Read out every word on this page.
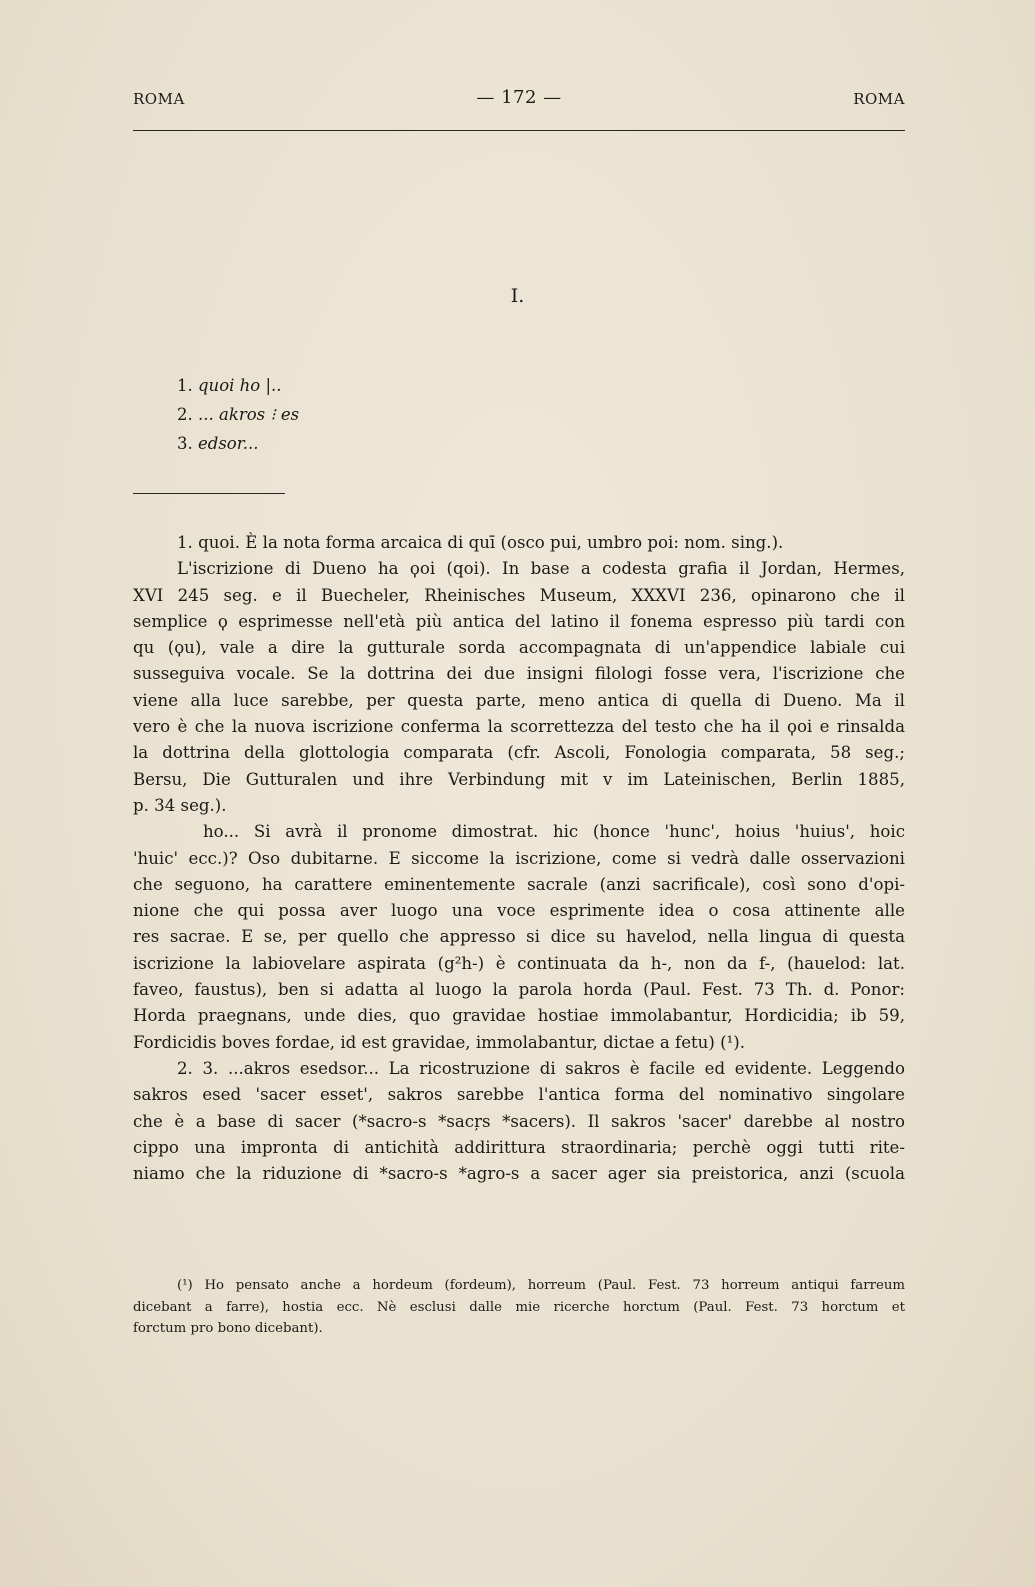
ROMA	— 172 —	ROMA
I.
1. quoi ho |..
2. ... akros ⁝ es
3. edsor...
1. quoi. È la nota forma arcaica di quī (osco pui, umbro poi: nom. sing.).
L'iscrizione di Dueno ha ϙoi (qoi). In base a codesta grafia il Jordan, Hermes,
XVI 245 seg. e il Buecheler, Rheinisches Museum, XXXVI 236, opinarono che il
semplice ϙ esprimesse nell'età più antica del latino il fonema espresso più tardi con
qu (ϙu), vale a dire la gutturale sorda accompagnata di un'appendice labiale cui
susseguiva vocale. Se la dottrina dei due insigni filologi fosse vera, l'iscrizione che
viene alla luce sarebbe, per questa parte, meno antica di quella di Dueno. Ma il
vero è che la nuova iscrizione conferma la scorrettezza del testo che ha il ϙoi e rinsalda
la dottrina della glottologia comparata (cfr. Ascoli, Fonologia comparata, 58 seg.;
Bersu, Die Gutturalen und ihre Verbindung mit v im Lateinischen, Berlin 1885,
p. 34 seg.).
ho... Si avrà il pronome dimostrat. hic (honce 'hunc', hoius 'huius', hoic
'huic' ecc.)? Oso dubitarne. E siccome la iscrizione, come si vedrà dalle osservazioni
che seguono, ha carattere eminentemente sacrale (anzi sacrificale), così sono d'opi-
nione che qui possa aver luogo una voce esprimente idea o cosa attinente alle
res sacrae. E se, per quello che appresso si dice su havelod, nella lingua di questa
iscrizione la labiovelare aspirata (g²h-) è continuata da h-, non da f-, (hauelod: lat.
faveo, faustus), ben si adatta al luogo la parola horda (Paul. Fest. 73 Th. d. Ponor:
Horda praegnans, unde dies, quo gravidae hostiae immolabantur, Hordicidia; ib 59,
Fordicidis boves fordae, id est gravidae, immolabantur, dictae a fetu) (¹).
2. 3. ...akros esedsor... La ricostruzione di sakros è facile ed evidente. Leggendo
sakros esed 'sacer esset', sakros sarebbe l'antica forma del nominativo singolare
che è a base di sacer (*sacro-s *sacŗs *sacers). Il sakros 'sacer' darebbe al nostro
cippo una impronta di antichità addirittura straordinaria; perchè oggi tutti rite-
niamo che la riduzione di *sacro-s *agro-s a sacer ager sia preistorica, anzi (scuola
(¹) Ho pensato anche a hordeum (fordeum), horreum (Paul. Fest. 73 horreum antiqui farreum
dicebant a farre), hostia ecc. Nè esclusi dalle mie ricerche horctum (Paul. Fest. 73 horctum et
forctum pro bono dicebant).
